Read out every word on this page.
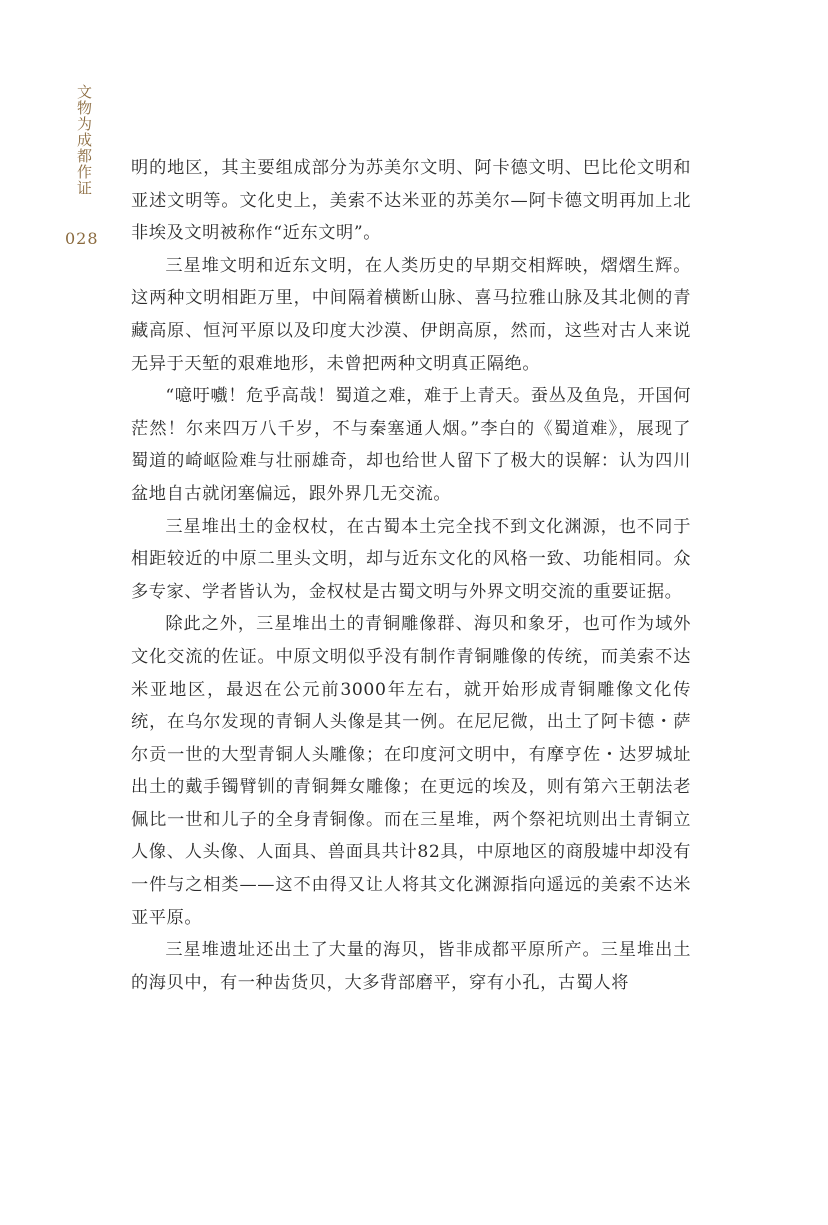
文物为成都作证
028

明的地区，其主要组成部分为苏美尔文明、阿卡德文明、巴比伦文明和亚述文明等。文化史上，美索不达米亚的苏美尔—阿卡德文明再加上北非埃及文明被称作“近东文明”。

三星堆文明和近东文明，在人类历史的早期交相辉映，熠熠生辉。这两种文明相距万里，中间隔着横断山脉、喜马拉雅山脉及其北侧的青藏高原、恒河平原以及印度大沙漠、伊朗高原，然而，这些对古人来说无异于天堑的艰难地形，未曾把两种文明真正隔绝。

“噫吁嚱！危乎高哉！蜀道之难，难于上青天。蚕丛及鱼凫，开国何茫然！尔来四万八千岁，不与秦塞通人烟。”李白的《蜀道难》，展现了蜀道的崎岖险难与壮丽雄奇，却也给世人留下了极大的误解：认为四川盆地自古就闭塞偏远，跟外界几无交流。

三星堆出土的金权杖，在古蜀本土完全找不到文化渊源，也不同于相距较近的中原二里头文明，却与近东文化的风格一致、功能相同。众多专家、学者皆认为，金权杖是古蜀文明与外界文明交流的重要证据。

除此之外，三星堆出土的青铜雕像群、海贝和象牙，也可作为域外文化交流的佐证。中原文明似乎没有制作青铜雕像的传统，而美索不达米亚地区，最迟在公元前3000年左右，就开始形成青铜雕像文化传统，在乌尔发现的青铜人头像是其一例。在尼尼微，出土了阿卡德・萨尔贡一世的大型青铜人头雕像；在印度河文明中，有摩亨佐・达罗城址出土的戴手镯臂钏的青铜舞女雕像；在更远的埃及，则有第六王朝法老佩比一世和儿子的全身青铜像。而在三星堆，两个祭祀坑则出土青铜立人像、人头像、人面具、兽面具共计82具，中原地区的商殷墟中却没有一件与之相类——这不由得又让人将其文化渊源指向遥远的美索不达米亚平原。

三星堆遗址还出土了大量的海贝，皆非成都平原所产。三星堆出土的海贝中，有一种齿货贝，大多背部磨平，穿有小孔，古蜀人将
